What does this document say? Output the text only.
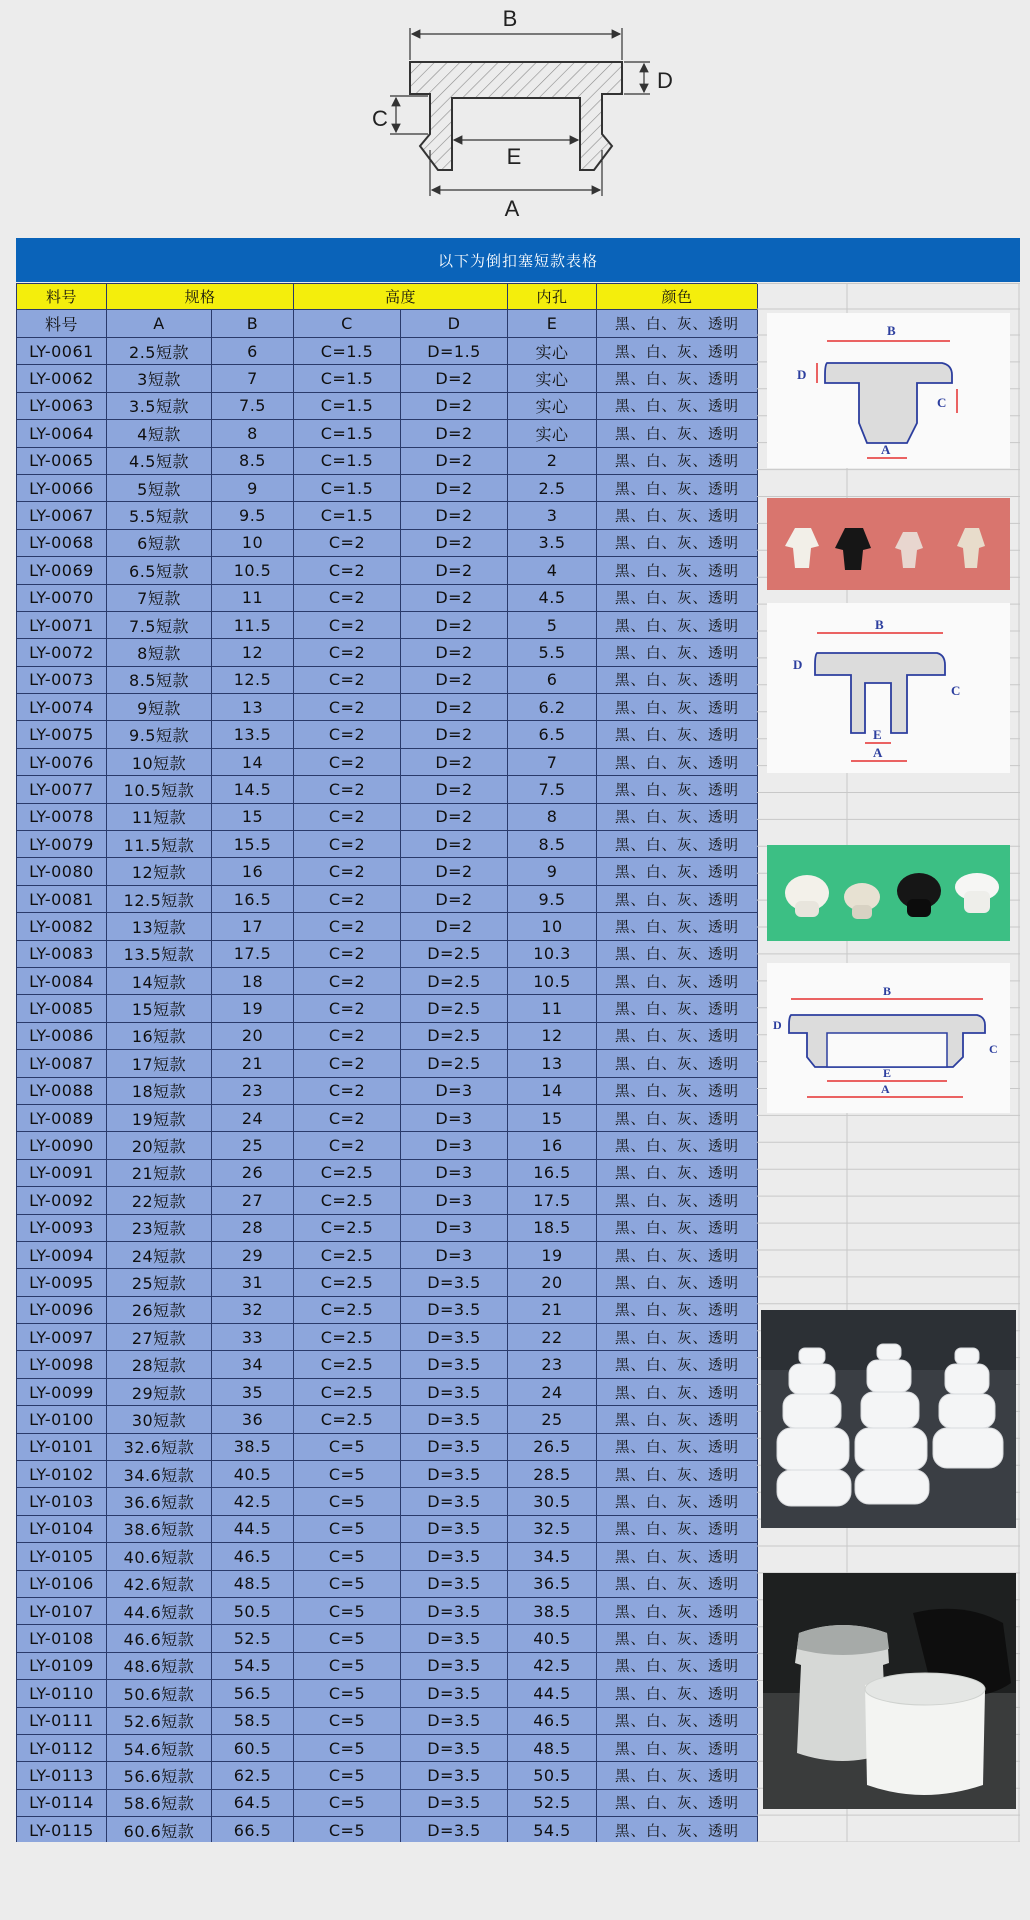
B
D
C
E
A
以下为倒扣塞短款表格
料号	规格		高度		内孔	颜色
料号	A	B	C	D	E	黑、白、灰、透明
LY-0061	2.5短款	6	C=1.5	D=1.5	实心	黑、白、灰、透明
LY-0062	3短款	7	C=1.5	D=2	实心	黑、白、灰、透明
LY-0063	3.5短款	7.5	C=1.5	D=2	实心	黑、白、灰、透明
LY-0064	4短款	8	C=1.5	D=2	实心	黑、白、灰、透明
LY-0065	4.5短款	8.5	C=1.5	D=2	2	黑、白、灰、透明
LY-0066	5短款	9	C=1.5	D=2	2.5	黑、白、灰、透明
LY-0067	5.5短款	9.5	C=1.5	D=2	3	黑、白、灰、透明
LY-0068	6短款	10	C=2	D=2	3.5	黑、白、灰、透明
LY-0069	6.5短款	10.5	C=2	D=2	4	黑、白、灰、透明
LY-0070	7短款	11	C=2	D=2	4.5	黑、白、灰、透明
LY-0071	7.5短款	11.5	C=2	D=2	5	黑、白、灰、透明
LY-0072	8短款	12	C=2	D=2	5.5	黑、白、灰、透明
LY-0073	8.5短款	12.5	C=2	D=2	6	黑、白、灰、透明
LY-0074	9短款	13	C=2	D=2	6.2	黑、白、灰、透明
LY-0075	9.5短款	13.5	C=2	D=2	6.5	黑、白、灰、透明
LY-0076	10短款	14	C=2	D=2	7	黑、白、灰、透明
LY-0077	10.5短款	14.5	C=2	D=2	7.5	黑、白、灰、透明
LY-0078	11短款	15	C=2	D=2	8	黑、白、灰、透明
LY-0079	11.5短款	15.5	C=2	D=2	8.5	黑、白、灰、透明
LY-0080	12短款	16	C=2	D=2	9	黑、白、灰、透明
LY-0081	12.5短款	16.5	C=2	D=2	9.5	黑、白、灰、透明
LY-0082	13短款	17	C=2	D=2	10	黑、白、灰、透明
LY-0083	13.5短款	17.5	C=2	D=2.5	10.3	黑、白、灰、透明
LY-0084	14短款	18	C=2	D=2.5	10.5	黑、白、灰、透明
LY-0085	15短款	19	C=2	D=2.5	11	黑、白、灰、透明
LY-0086	16短款	20	C=2	D=2.5	12	黑、白、灰、透明
LY-0087	17短款	21	C=2	D=2.5	13	黑、白、灰、透明
LY-0088	18短款	23	C=2	D=3	14	黑、白、灰、透明
LY-0089	19短款	24	C=2	D=3	15	黑、白、灰、透明
LY-0090	20短款	25	C=2	D=3	16	黑、白、灰、透明
LY-0091	21短款	26	C=2.5	D=3	16.5	黑、白、灰、透明
LY-0092	22短款	27	C=2.5	D=3	17.5	黑、白、灰、透明
LY-0093	23短款	28	C=2.5	D=3	18.5	黑、白、灰、透明
LY-0094	24短款	29	C=2.5	D=3	19	黑、白、灰、透明
LY-0095	25短款	31	C=2.5	D=3.5	20	黑、白、灰、透明
LY-0096	26短款	32	C=2.5	D=3.5	21	黑、白、灰、透明
LY-0097	27短款	33	C=2.5	D=3.5	22	黑、白、灰、透明
LY-0098	28短款	34	C=2.5	D=3.5	23	黑、白、灰、透明
LY-0099	29短款	35	C=2.5	D=3.5	24	黑、白、灰、透明
LY-0100	30短款	36	C=2.5	D=3.5	25	黑、白、灰、透明
LY-0101	32.6短款	38.5	C=5	D=3.5	26.5	黑、白、灰、透明
LY-0102	34.6短款	40.5	C=5	D=3.5	28.5	黑、白、灰、透明
LY-0103	36.6短款	42.5	C=5	D=3.5	30.5	黑、白、灰、透明
LY-0104	38.6短款	44.5	C=5	D=3.5	32.5	黑、白、灰、透明
LY-0105	40.6短款	46.5	C=5	D=3.5	34.5	黑、白、灰、透明
LY-0106	42.6短款	48.5	C=5	D=3.5	36.5	黑、白、灰、透明
LY-0107	44.6短款	50.5	C=5	D=3.5	38.5	黑、白、灰、透明
LY-0108	46.6短款	52.5	C=5	D=3.5	40.5	黑、白、灰、透明
LY-0109	48.6短款	54.5	C=5	D=3.5	42.5	黑、白、灰、透明
LY-0110	50.6短款	56.5	C=5	D=3.5	44.5	黑、白、灰、透明
LY-0111	52.6短款	58.5	C=5	D=3.5	46.5	黑、白、灰、透明
LY-0112	54.6短款	60.5	C=5	D=3.5	48.5	黑、白、灰、透明
LY-0113	56.6短款	62.5	C=5	D=3.5	50.5	黑、白、灰、透明
LY-0114	58.6短款	64.5	C=5	D=3.5	52.5	黑、白、灰、透明
LY-0115	60.6短款	66.5	C=5	D=3.5	54.5	黑、白、灰、透明
B
D
C
A
B
D
C
E
A
B
D
C
E
A
